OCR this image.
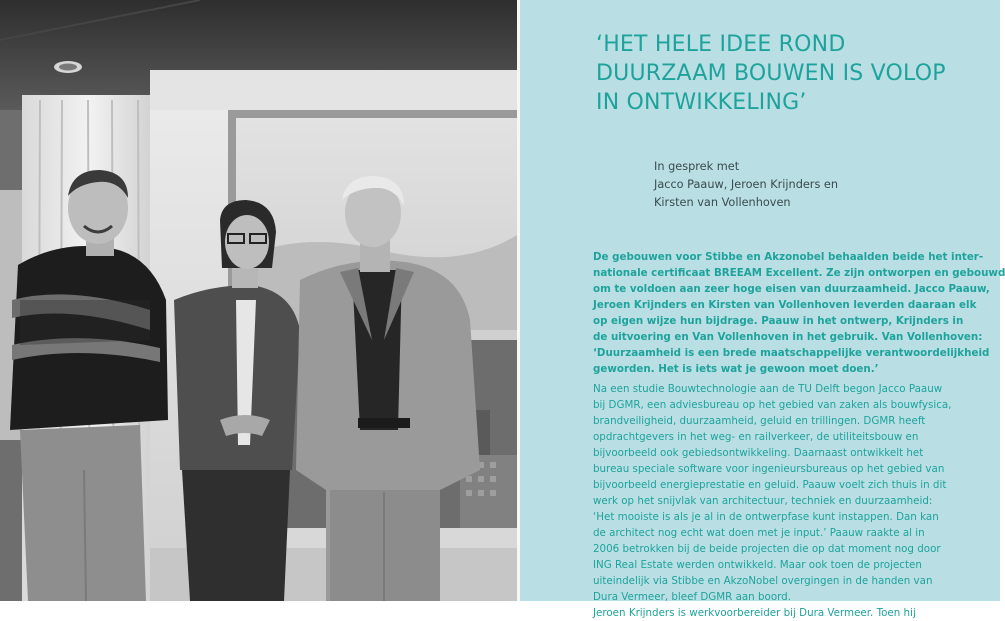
‘HET HELE IDEE ROND
DUURZAAM BOUWEN IS VOLOP
IN ONTWIKKELING’
In gesprek met
Jacco Paauw, Jeroen Krijnders en
Kirsten van Vollenhoven
De gebouwen voor Stibbe en Akzonobel behaalden beide het inter-
nationale certificaat BREEAM Excellent. Ze zijn ontworpen en gebouwd
om te voldoen aan zeer hoge eisen van duurzaamheid. Jacco Paauw,
Jeroen Krijnders en Kirsten van Vollenhoven leverden daaraan elk
op eigen wijze hun bijdrage. Paauw in het ontwerp, Krijnders in
de uitvoering en Van Vollenhoven in het gebruik. Van Vollenhoven:
‘Duurzaamheid is een brede maatschappelijke verantwoordelijkheid
geworden. Het is iets wat je gewoon moet doen.’
Na een studie Bouwtechnologie aan de TU Delft begon Jacco Paauw
bij DGMR, een adviesbureau op het gebied van zaken als bouwfysica,
brandveiligheid, duurzaamheid, geluid en trillingen. DGMR heeft
opdrachtgevers in het weg- en railverkeer, de utiliteitsbouw en
bijvoorbeeld ook gebiedsontwikkeling. Daarnaast ontwikkelt het
bureau speciale software voor ingenieursbureaus op het gebied van
bijvoorbeeld energieprestatie en geluid. Paauw voelt zich thuis in dit
werk op het snijvlak van architectuur, techniek en duurzaamheid:
‘Het mooiste is als je al in de ontwerpfase kunt instappen. Dan kan
de architect nog echt wat doen met je input.’ Paauw raakte al in
2006 betrokken bij de beide projecten die op dat moment nog door
ING Real Estate werden ontwikkeld. Maar ook toen de projecten
uiteindelijk via Stibbe en AkzoNobel overgingen in de handen van
Dura Vermeer, bleef DGMR aan boord.
Jeroen Krijnders is werkvoorbereider bij Dura Vermeer. Toen hij
